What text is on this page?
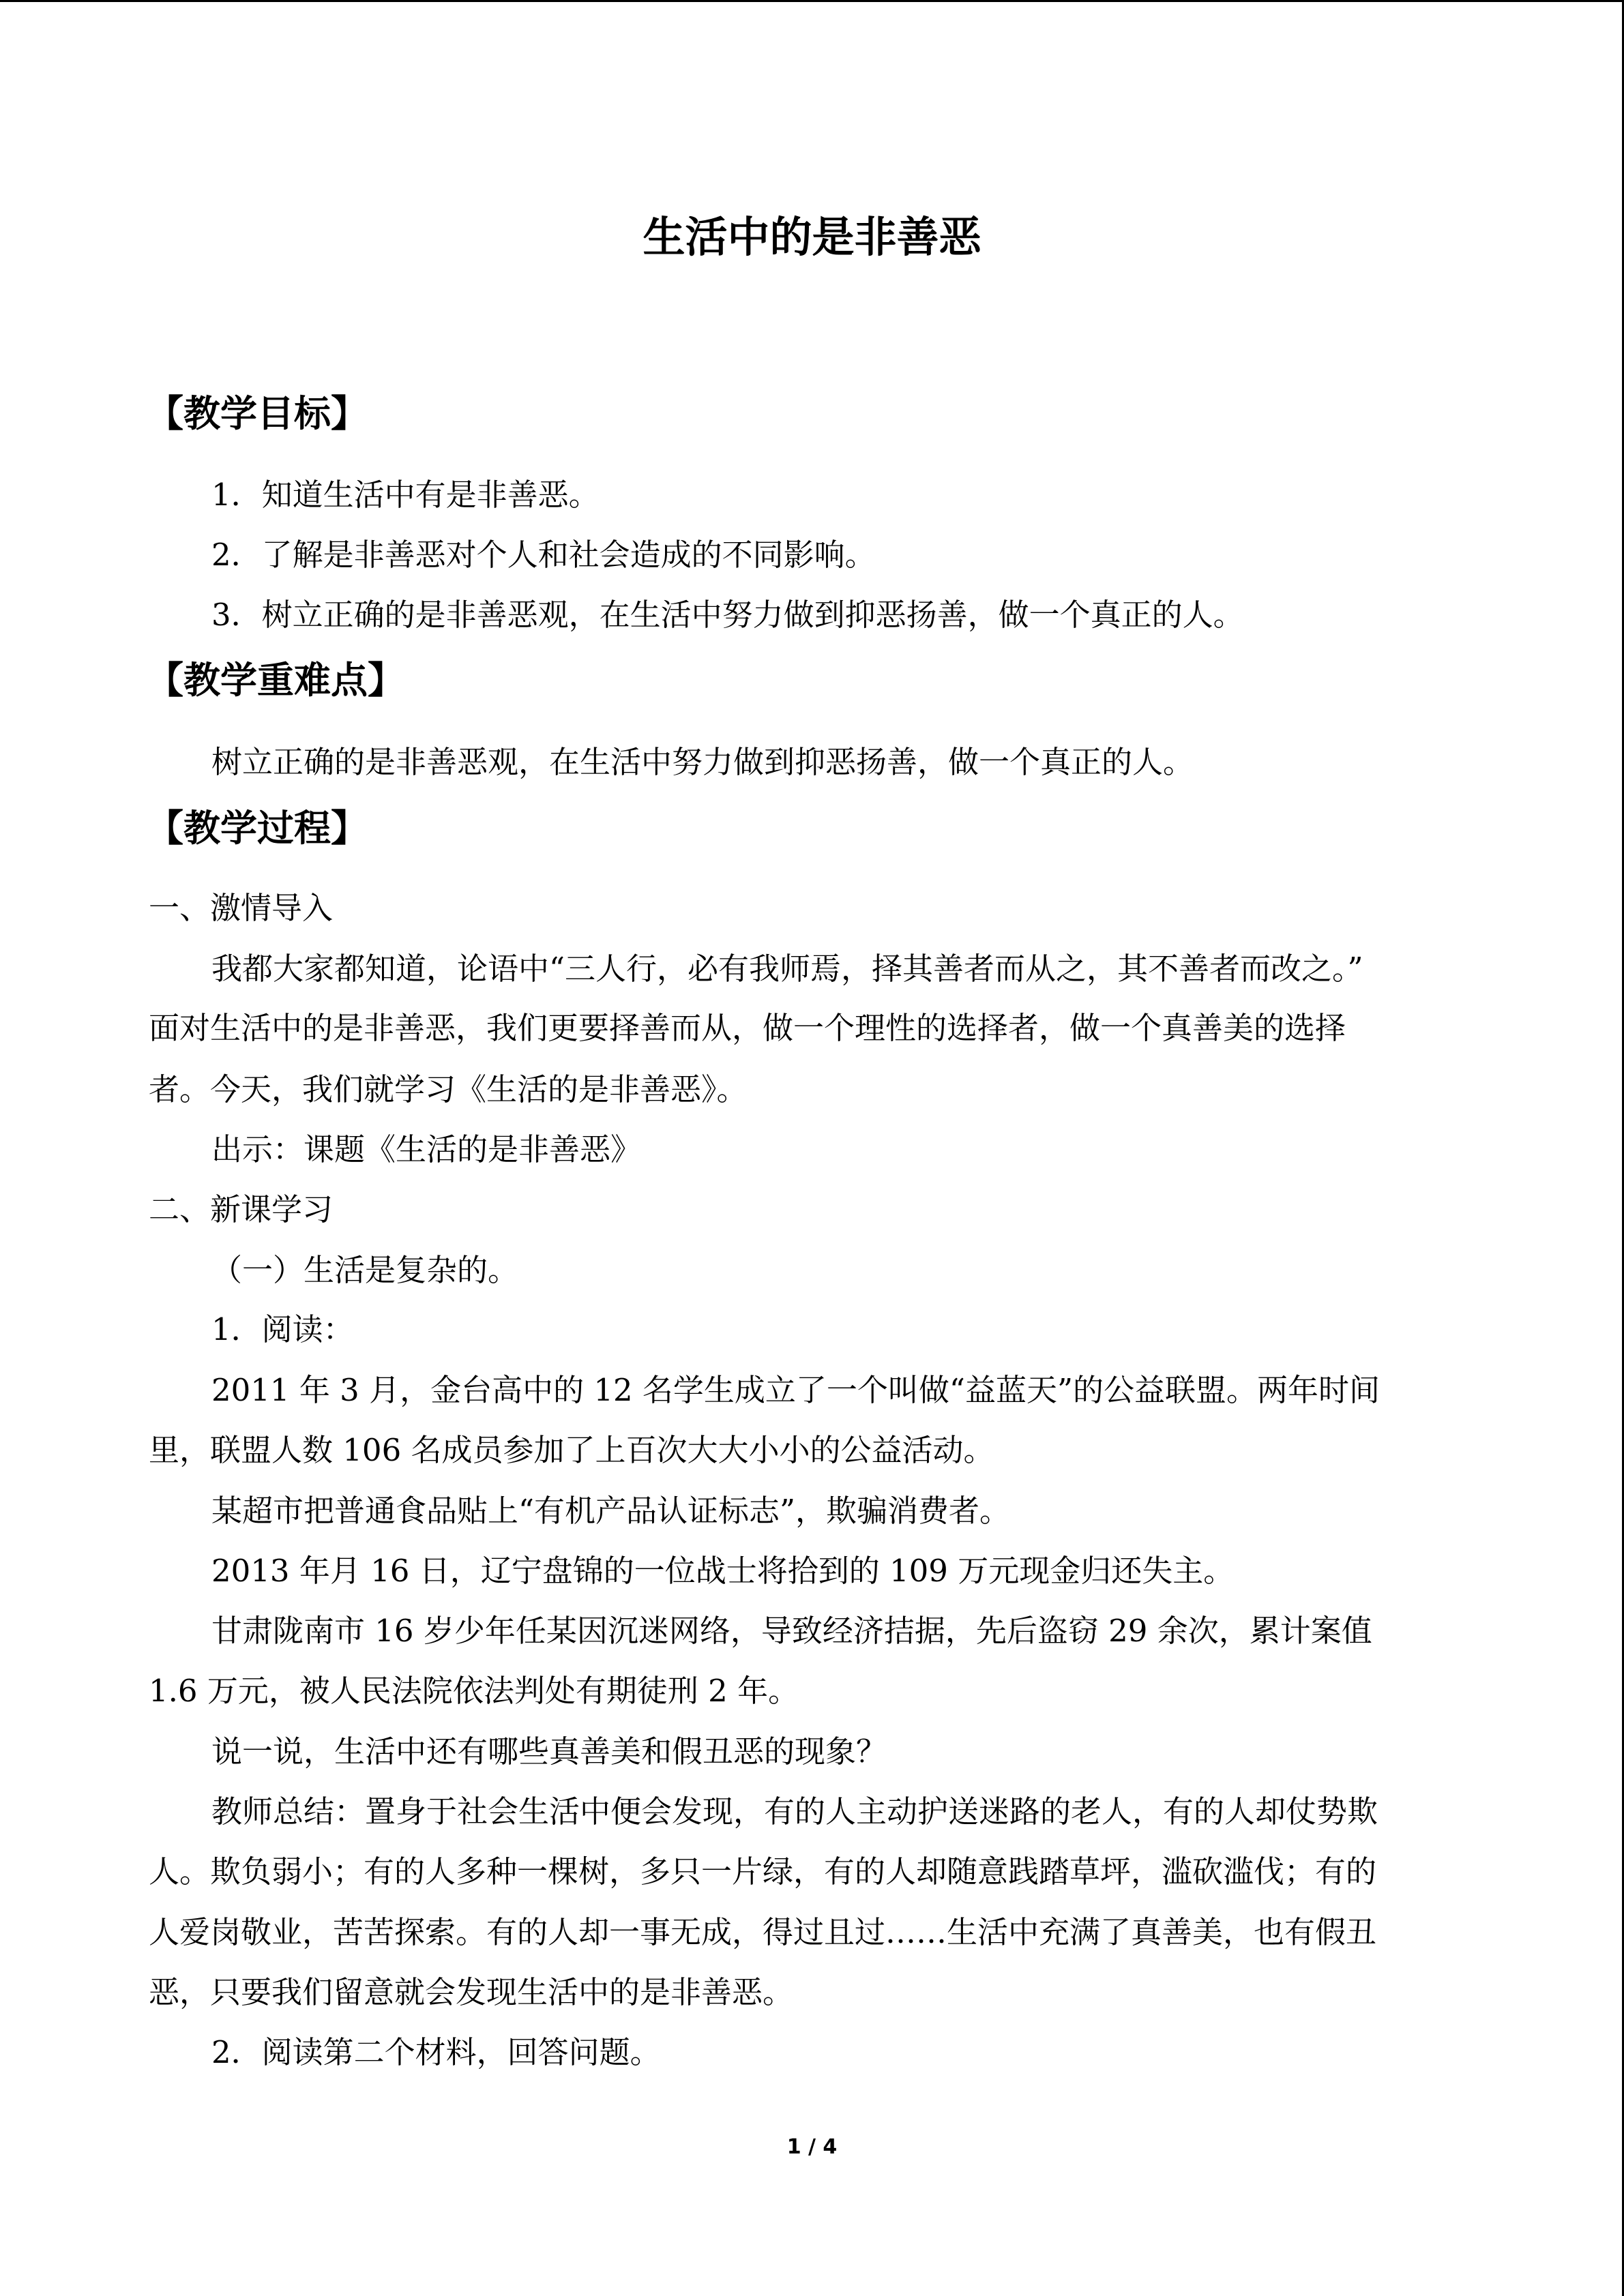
生活中的是非善恶
【教学目标】
1．知道生活中有是非善恶。
2．了解是非善恶对个人和社会造成的不同影响。
3．树立正确的是非善恶观，在生活中努力做到抑恶扬善，做一个真正的人。
【教学重难点】
树立正确的是非善恶观，在生活中努力做到抑恶扬善，做一个真正的人。
【教学过程】
一、激情导入
我都大家都知道，论语中“三人行，必有我师焉，择其善者而从之，其不善者而改之。”
面对生活中的是非善恶，我们更要择善而从，做一个理性的选择者，做一个真善美的选择
者。今天，我们就学习《生活的是非善恶》。
出示：课题《生活的是非善恶》
二、新课学习
（一）生活是复杂的。
1．阅读：
2011 年 3 月，金台高中的 12 名学生成立了一个叫做“益蓝天”的公益联盟。两年时间
里，联盟人数 106 名成员参加了上百次大大小小的公益活动。
某超市把普通食品贴上“有机产品认证标志”，欺骗消费者。
2013 年月 16 日，辽宁盘锦的一位战士将拾到的 109 万元现金归还失主。
甘肃陇南市 16 岁少年任某因沉迷网络，导致经济拮据，先后盗窃 29 余次，累计案值
1.6 万元，被人民法院依法判处有期徒刑 2 年。
说一说，生活中还有哪些真善美和假丑恶的现象？
教师总结：置身于社会生活中便会发现，有的人主动护送迷路的老人，有的人却仗势欺
人。欺负弱小；有的人多种一棵树，多只一片绿，有的人却随意践踏草坪，滥砍滥伐；有的
人爱岗敬业，苦苦探索。有的人却一事无成，得过且过……生活中充满了真善美，也有假丑
恶，只要我们留意就会发现生活中的是非善恶。
2．阅读第二个材料，回答问题。
1 / 4
